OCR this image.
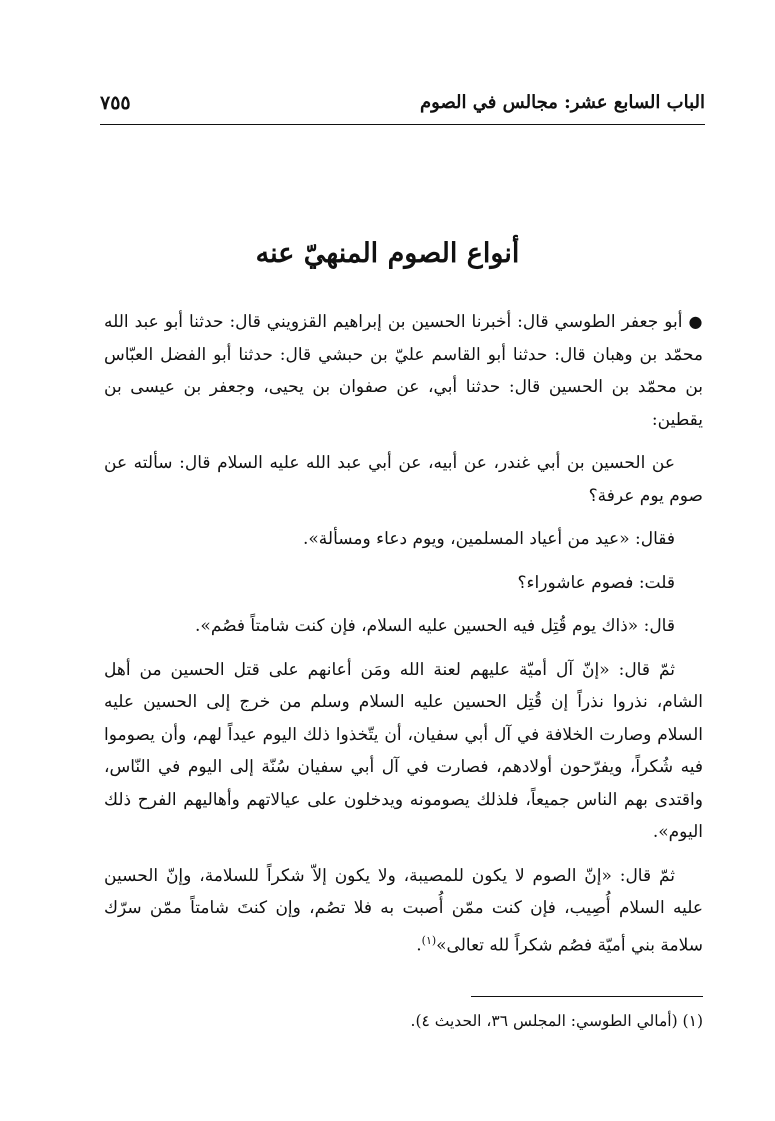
الباب السابع عشر: مجالس في الصوم
٧٥٥
أنواع الصوم المنهيّ عنه

●أبو جعفر الطوسي قال: أخبرنا الحسين بن إبراهيم القزويني قال: حدثنا أبو عبد الله محمّد بن وهبان قال: حدثنا أبو القاسم عليّ بن حبشي قال: حدثنا أبو الفضل العبّاس بن محمّد بن الحسين قال: حدثنا أبي، عن صفوان بن يحيى، وجعفر بن عيسى بن يقطين:

عن الحسين بن أبي غندر، عن أبيه، عن أبي عبد الله عليه السلام قال: سألته عن صوم يوم عرفة؟

فقال: «عيد من أعياد المسلمين، ويوم دعاء ومسألة».

قلت: فصوم عاشوراء؟

قال: «ذاك يوم قُتِل فيه الحسين عليه السلام، فإن كنت شامتاً فصُم».

ثمّ قال: «إنّ آل أميّة عليهم لعنة الله ومَن أعانهم على قتل الحسين من أهل الشام، نذروا نذراً إن قُتِل الحسين عليه السلام وسلم من خرج إلى الحسين عليه السلام وصارت الخلافة في آل أبي سفيان، أن يتّخذوا ذلك اليوم عيداً لهم، وأن يصوموا فيه شُكراً، ويفرّحون أولادهم، فصارت في آل أبي سفيان سُنّة إلى اليوم في النّاس، واقتدى بهم الناس جميعاً، فلذلك يصومونه ويدخلون على عيالاتهم وأهاليهم الفرح ذلك اليوم».

ثمّ قال: «إنّ الصوم لا يكون للمصيبة، ولا يكون إلاّ شكراً للسلامة، وإنّ الحسين عليه السلام أُصِيب، فإن كنت ممّن أُصبت به فلا تصُم، وإن كنتَ شامتاً ممّن سرّك سلامة بني أميّة فصُم شكراً لله تعالى»$^{(١)}$.

(١) (أمالي الطوسي: المجلس ٣٦، الحديث ٤).
